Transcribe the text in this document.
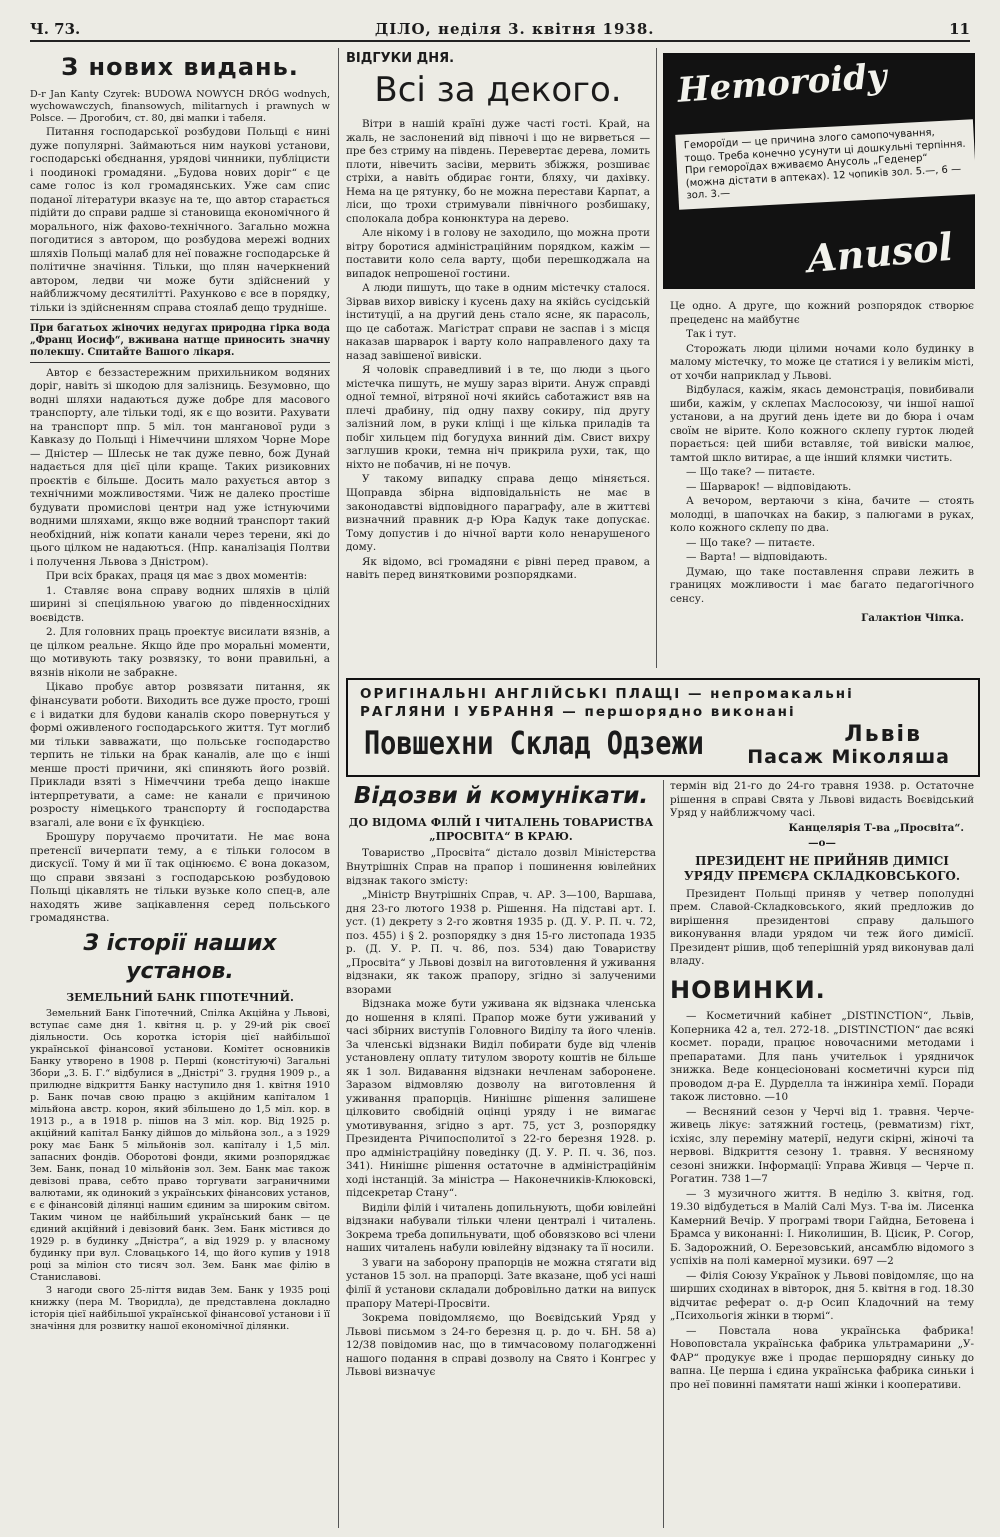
Ч. 73.	ДІЛО, неділя 3. квітня 1938.	11
З нових видань.

D-r Jan Kanty Czyrek: BUDOWA NOWYCH DRÓG wodnych, wychowawczych, finansowych, militarnych i prawnych w Polsce. — Дрогобич, ст. 80, дві мапки і табеля.

Питання господарської розбудови Польщі є нині дуже популярні. Займаються ним наукові установи, господарські обєднання, урядові чинники, публіцисти і поодинокі громадяни. „Будова нових доріг“ є це саме голос із кол громадянських. Уже сам спис поданої літератури вказує на те, що автор старається підійти до справи радше зі становища економічного й морального, ніж фахово-технічного. Загально можна погодитися з автором, що розбудова мережі водних шляхів Польщі малаб для неї поважне господарське й політичне значіння. Тільки, що плян начеркнений автором, ледви чи може бути здійснений у найближчому десятилітті. Рахунково є все в порядку, тільки із здійсненням справа стоялаб дещо трудніше.

При багатьох жіночих недугах природна гірка вода „Франц Иосиф“, вживана натще приносить значну полекшу. Спитайте Вашого лікаря.

Автор є беззастережним прихильником водяних доріг, навіть зі шкодою для залізниць. Безумовно, що водні шляхи надаються дуже добре для масового транспорту, але тільки тоді, як є що возити. Рахувати на транспорт ппр. 5 міл. тон манганової руди з Кавказу до Польщі і Німеччини шляхом Чорне Море — Дністер — Шлеськ не так дуже певно, бож Дунай надається для цієї ціли краще. Таких ризиковних проєктів є більше. Досить мало рахується автор з технічними можливостями. Чиж не далеко простіше будувати промислові центри над уже істнуючими водними шляхами, якщо вже водний транспорт такий необхідний, ніж копати канали через терени, які до цього цілком не надаються. (Нпр. каналізація Полтви і получення Львова з Дністром).

При всіх браках, праця ця має з двох моментів:

1. Ставляє вона справу водних шляхів в цілій ширині зі спеціяльною увагою до південносхідних воєвідств.

2. Для головних праць проектує висилати вязнів, а це цілком реальне. Якщо йде про моральні моменти, що мотивують таку розвязку, то вони правильні, а вязнів ніколи не забракне.

Цікаво пробує автор розвязати питання, як фінансувати роботи. Виходить все дуже просто, гроші є і видатки для будови каналів скоро повернуться у формі оживленого господарського життя. Тут моглиб ми тільки завважати, що польське господарство терпить не тільки на брак каналів, але що є інші менше прості причини, які спиняють його розвій. Приклади взяті з Німеччини треба дещо інакше інтерпретувати, а саме: не канали є причиною розросту німецького транспорту й господарства взагалі, але вони є їх функцією.

Брошуру поручаємо прочитати. Не має вона претенсії вичерпати тему, а є тільки голосом в дискусії. Тому й ми її так оцінюємо. Є вона доказом, що справи звязані з господарською розбудовою Польщі цікавлять не тільки вузьке коло спец-в, але находять живе зацікавлення серед польського громадянства.

З історії наших установ.
ЗЕМЕЛЬНИЙ БАНК ГІПОТЕЧНИЙ.

Земельний Банк Гіпотечний, Спілка Акційна у Львові, вступає саме дня 1. квітня ц. р. у 29-ий рік своєї діяльности. Ось коротка історія цієї найбільшої української фінансової установи. Комітет основників Банку утворено в 1908 р. Перші (констітуючі) Загальні Збори „З. Б. Г.“ відбулися в „Дністрі“ 3. грудня 1909 р., а прилюдне відкриття Банку наступило дня 1. квітня 1910 р. Банк почав свою працю з акційним капіталом 1 мільйона австр. корон, який збільшено до 1,5 міл. кор. в 1913 р., а в 1918 р. пішов на 3 міл. кор. Від 1925 р. акційний капітал Банку дійшов до мільйона зол., а з 1929 року має Банк 5 мільйонів зол. капіталу і 1,5 міл. запасних фондів. Оборотові фонди, якими розпоряджає Зем. Банк, понад 10 мільйонів зол. Зем. Банк має також девізові права, себто право торгувати заграничними валютами, як одинокий з українських фінансових установ, є є фінансовій ділянці нашим єдиним за широким світом. Таким чином це найбільший український банк — це єдиний акційний і девізовий банк. Зем. Банк містився до 1929 р. в будинку „Дністра“, а від 1929 р. у власному будинку при вул. Словацького 14, що його купив у 1918 році за міліон сто тисяч зол. Зем. Банк має філію в Станиславові.

З нагоди свого 25-ліття видав Зем. Банк у 1935 році книжку (пера М. Творидла), де представлена докладно історія цієї найбільшої української фінансової установи і її значіння для розвитку нашої економічної ділянки.

ВІДГУКИ ДНЯ.
Всі за декого.

Вітри в нашій країні дуже часті гості. Край, на жаль, не заслонений від півночі і що не вирветься — пре без стриму на південь. Перевертає дерева, ломить плоти, нівечить засіви, мервить збіжжя, розшиває стріхи, а навіть обдирає гонти, бляху, чи дахівку. Нема на це рятунку, бо не можна перестави Карпат, а ліси, що трохи стримували північного розбишаку, сполокала добра конюнктура на дерево.

Але нікому і в голову не заходило, що можна проти вітру боротися адміністраційним порядком, кажім — поставити коло села варту, щоби перешкоджала на випадок непрошеної гостини.

А люди пишуть, що таке в одним містечку сталося. Зірвав вихор вивіску і кусень даху на якійсь сусідській інституції, а на другий день стало ясне, як парасоль, що це саботаж. Магістрат справи не заспав і з місця наказав шарварок і варту коло направленого даху та назад завішеної вивіски.

Я чоловік справедливий і в те, що люди з цього містечка пишуть, не мушу зараз вірити. Ануж справді одної темної, вітряної ночі якийсь саботажист вяв на плечі драбину, під одну пахву сокиру, під другу залізний лом, в руки кліщі і ще кілька приладів та побіг хильцем під богудуха винний дім. Свист вихру заглушив кроки, темна ніч прикрила рухи, так, що ніхто не побачив, ні не почув.

У такому випадку справа дещо міняється. Щоправда збірна відповідальність не має в законодавстві відповідного параграфу, але в життєві визначний правник д-р Юра Кадук таке допускає. Тому допустив і до нічної варти коло ненарушеного дому.

Як відомо, всі громадяни є рівні перед правом, а навіть перед винятковими розпорядками.

Hemoroidy
Гемороїди — це причина злого самопочування, тощо. Треба конечно усунути ці дошкульні терпіння. При гемороїдах вживаємо Анусоль „Геденер“ (можна дістати в аптеках). 12 чопиків зол. 5.—, 6 — зол. 3.—
Anusol

Це одно. А друге, що кожний розпорядок створює прецеденс на майбутнє

Так і тут.

Сторожать люди цілими ночами коло будинку в малому містечку, то може це статися і у великім місті, от хочби наприклад у Львові.

Відбулася, кажім, якась демонстрація, повибивали шиби, кажім, у склепах Маслосоюзу, чи іншої нашої установи, а на другий день ідете ви до бюра і очам своїм не вірите. Коло кожного склепу гурток людей порається: цей шиби вставляє, той вивіски малює, тамтой шкло витирає, а ще інший клямки чистить.

— Що таке? — питаєте.

— Шарварок! — відповідають.

А вечором, вертаючи з кіна, бачите — стоять молодці, в шапочках на бакир, з палюгами в руках, коло кожного склепу по два.

— Що таке? — питаєте.

— Варта! — відповідають.

Думаю, що таке поставлення справи лежить в границях можливости і має багато педагогічного сенсу.

Галактіон Чіпка.
ОРИГІНАЛЬНІ АНГЛІЙСЬКІ ПЛАЩІ — непромакальні
РАГЛЯНИ І УБРАННЯ — першорядно виконані
Повшехни Склад Одзежи	Львів
Пасаж Міколяша
Відозви й комунікати.
ДО ВІДОМА ФІЛІЙ І ЧИТАЛЕНЬ ТОВАРИСТВА „ПРОСВІТА“ В КРАЮ.

Товариство „Просвіта“ дістало дозвіл Міністерства Внутрішніх Справ на прапор і пошинення ювілейних відзнак такого змісту:

„Міністр Внутрішніх Справ, ч. АР. 3—100, Варшава, дня 23-го лютого 1938 р. Рішення. На підставі арт. І. уст. (1) декрету з 2-го жовтня 1935 р. (Д. У. Р. П. ч. 72, поз. 455) і § 2. розпорядку з дня 15-го листопада 1935 р. (Д. У. Р. П. ч. 86, поз. 534) даю Товариству „Просвіта“ у Львові дозвіл на виготовлення й уживання відзнаки, як також прапору, згідно зі залученими взорами

Відзнака може бути уживана як відзнака членська до ношення в кляпі. Прапор може бути уживаний у часі збірних виступів Головного Виділу та його членів. За членські відзнаки Виділ побирати буде від членів установлену оплату титулом звороту коштів не більше як 1 зол. Видавання відзнаки нечленам заборонене. Заразом відмовляю дозволу на виготовлення й уживання прапорців. Нинішнє рішення залишене цілковито свобідній оцінці уряду і не вимагає умотивування, згідно з арт. 75, уст 3, розпорядку Президента Річипосполитої з 22-го березня 1928. р. про адміністраційну поведінку (Д. У. Р. П. ч. 36, поз. 341). Нинішнє рішення остаточне в адміністраційнім ході інстанцій. За міністра — Наконечників-Клюковскі, підсекретар Стану“.

Виділи філій і читалень допильнують, щоби ювілейні відзнаки набували тільки члени централі і читалень. Зокрема треба допильнувати, щоб обовязково всі члени наших читалень набули ювілейну відзнаку та її носили.

З уваги на заборону прапорців не можна стягати від установ 15 зол. на прапорці. Зате вказане, щоб усі наші філії й установи складали добровільно датки на випуск прапору Матері-Просвіти.

Зокрема повідомляємо, що Воєвідський Уряд у Львові письмом з 24-го березня ц. р. до ч. БН. 58 а) 12/38 повідомив нас, що в тимчасовому полагодженні нашого подання в справі дозволу на Свято і Конгрес у Львові визначує

термін від 21-го до 24-го травня 1938. р. Остаточне рішення в справі Свята у Львові видасть Воєвідський Уряд у найближчому часі.

Канцелярія Т-ва „Просвіта“.
—o—
ПРЕЗИДЕНТ НЕ ПРИЙНЯВ ДИМІСІ УРЯДУ ПРЕМЄРА СКЛАДКОВСЬКОГО.

Президент Польщі приняв у четвер пополудні прем. Славой-Складковського, який предложив до вирішення президентові справу дальшого виконування влади урядом чи теж його димісії. Президент рішив, щоб теперішній уряд виконував далі владу.

НОВИНКИ.

— Косметичний кабінет „DISTINCTION“, Львів, Коперника 42 а, тел. 272-18. „DISTINCTION“ дає всякі космет. поради, працює новочасними методами і препаратами. Для пань учительок і урядничок знижка. Веде концесіоновані косметичні курси під проводом д-ра Е. Дурделла та інжиніра хемії. Поради також листовно. —10

— Весняний сезон у Черчі від 1. травня. Черче-живець лікує: затяжний гостець, (ревматизм) гіхт, ісхіяс, злу переміну матерії, недуги скірні, жіночі та нервові. Відкриття сезону 1. травня. У весняному сезоні знижки. Інформації: Управа Живця — Черче п. Рогатин. 738 1—7

— З музичного життя. В неділю 3. квітня, год. 19.30 відбудеться в Малій Салі Муз. Т-ва ім. Лисенка Камерний Вечір. У програмі твори Гайдна, Бетовена і Брамса у виконанні: І. Николишин, В. Цісик, Р. Согор, Б. Задорожний, О. Березовський, ансамблю відомого з успіхів на полі камерної музики. 697 —2

— Філія Союзу Українок у Львові повідомляє, що на ширших сходинах в вівторок, дня 5. квітня в год. 18.30 відчитає реферат о. д-р Осип Кладочний на тему „Психольогія жінки в тюрмі“.

— Повстала нова українська фабрика! Новоповстала українська фабрика ультрамарини „У-ФАР“ продукує вже і продає першорядну синьку до вапна. Це перша і єдина українська фабрика синьки і про неї повинні памятати наші жінки і кооперативи.
